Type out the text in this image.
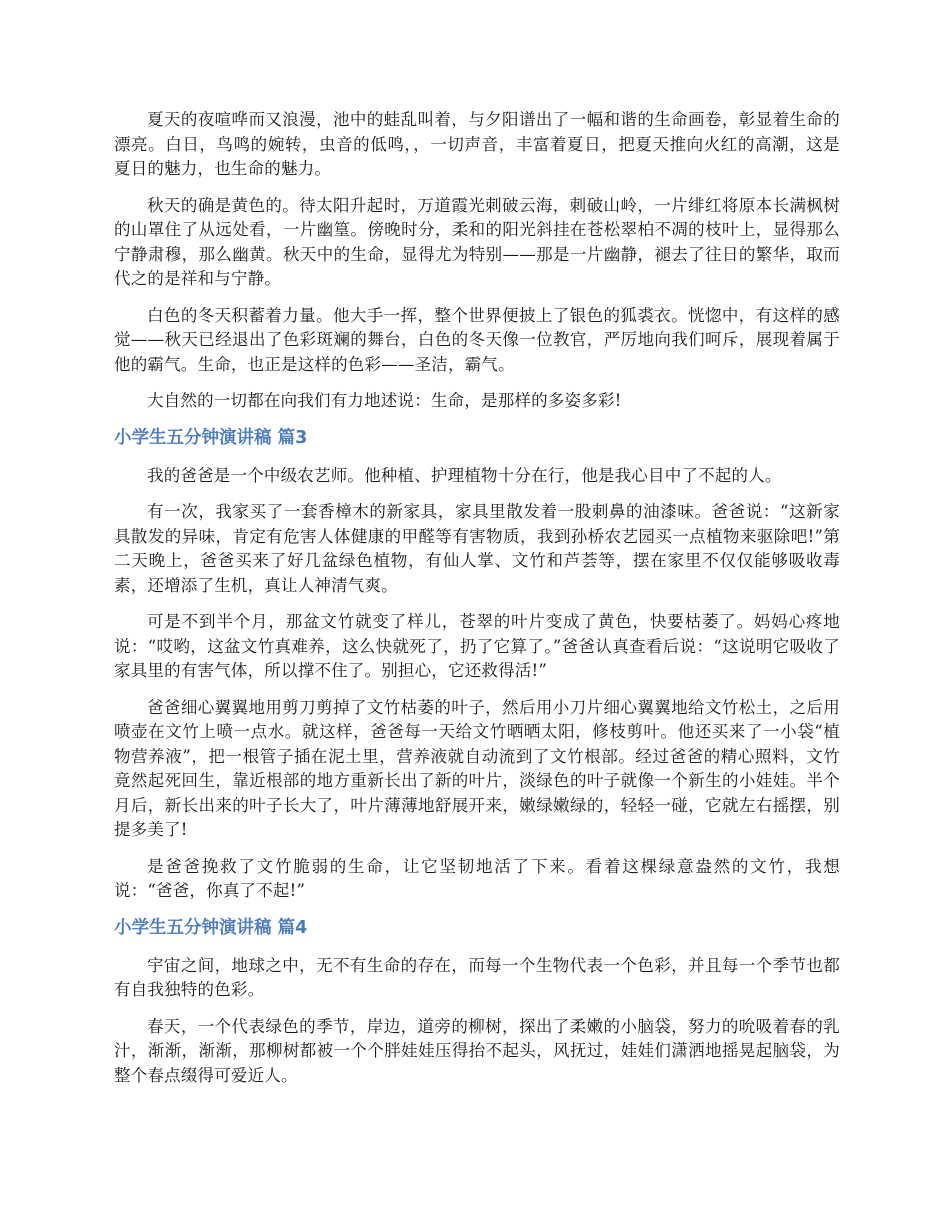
夏天的夜喧哗而又浪漫，池中的蛙乱叫着，与夕阳谱出了一幅和谐的生命画卷，彰显着生命的漂亮。白日，鸟鸣的婉转，虫音的低鸣，，一切声音，丰富着夏日，把夏天推向火红的高潮，这是夏日的魅力，也生命的魅力。

秋天的确是黄色的。待太阳升起时，万道霞光刺破云海，刺破山岭，一片绯红将原本长满枫树的山罩住了从远处看，一片幽篁。傍晚时分，柔和的阳光斜挂在苍松翠柏不凋的枝叶上，显得那么宁静肃穆，那么幽黄。秋天中的生命，显得尤为特别——那是一片幽静，褪去了往日的繁华，取而代之的是祥和与宁静。

白色的冬天积蓄着力量。他大手一挥，整个世界便披上了银色的狐裘衣。恍惚中，有这样的感觉——秋天已经退出了色彩斑斓的舞台，白色的冬天像一位教官，严厉地向我们呵斥，展现着属于他的霸气。生命，也正是这样的色彩——圣洁，霸气。

大自然的一切都在向我们有力地述说：生命，是那样的多姿多彩!

小学生五分钟演讲稿 篇3

我的爸爸是一个中级农艺师。他种植、护理植物十分在行，他是我心目中了不起的人。

有一次，我家买了一套香樟木的新家具，家具里散发着一股刺鼻的油漆味。爸爸说：“这新家具散发的异味，肯定有危害人体健康的甲醛等有害物质，我到孙桥农艺园买一点植物来驱除吧!”第二天晚上，爸爸买来了好几盆绿色植物，有仙人掌、文竹和芦荟等，摆在家里不仅仅能够吸收毒素，还增添了生机，真让人神清气爽。

可是不到半个月，那盆文竹就变了样儿，苍翠的叶片变成了黄色，快要枯萎了。妈妈心疼地说：“哎哟，这盆文竹真难养，这么快就死了，扔了它算了。”爸爸认真查看后说：“这说明它吸收了家具里的有害气体，所以撑不住了。别担心，它还救得活!”

爸爸细心翼翼地用剪刀剪掉了文竹枯萎的叶子，然后用小刀片细心翼翼地给文竹松土，之后用喷壶在文竹上喷一点水。就这样，爸爸每一天给文竹晒晒太阳，修枝剪叶。他还买来了一小袋“植物营养液”，把一根管子插在泥土里，营养液就自动流到了文竹根部。经过爸爸的精心照料，文竹竟然起死回生，靠近根部的地方重新长出了新的叶片，淡绿色的叶子就像一个新生的小娃娃。半个月后，新长出来的叶子长大了，叶片薄薄地舒展开来，嫩绿嫩绿的，轻轻一碰，它就左右摇摆，别提多美了!

是爸爸挽救了文竹脆弱的生命，让它坚韧地活了下来。看着这棵绿意盎然的文竹，我想说：“爸爸，你真了不起!”

小学生五分钟演讲稿 篇4

宇宙之间，地球之中，无不有生命的存在，而每一个生物代表一个色彩，并且每一个季节也都有自我独特的色彩。

春天，一个代表绿色的季节，岸边，道旁的柳树，探出了柔嫩的小脑袋，努力的吮吸着春的乳汁，渐渐，渐渐，那柳树都被一个个胖娃娃压得抬不起头，风抚过，娃娃们潇洒地摇晃起脑袋，为整个春点缀得可爱近人。
